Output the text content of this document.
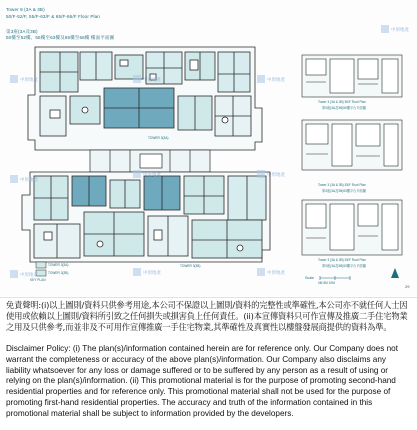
Tower 8 (3A & 3B)
50/F-52/F, 55/F-63/F & 65/F-66/F Floor Plan
第3座(3A及3B)
50樓至52樓、55樓至63樓及65樓至66樓 樓面平面圖
中原地產	中原地產	中原地產
中原地產
中原地產
中原地產	中原地產
中原地產	中原地產	中原地產
TOWER 3(3A)
TOWER 3(3B)
TOWER 3(3A)
TOWER 3(3B)
Tower 3 (3A & 3B) 50/F Roof Plan
第3座(3A及3B)50樓平台平面圖
Tower 3 (3A & 3B) 53/F Roof Plan
第3座(3A及3B)53樓平台平面圖
Tower 3 (3A & 3B) 53/F Roof Plan
第3座(3A及3B)53樓平台平面圖
Scale
0M 5M 10M
KEY PLAN
29
免責聲明:(i)以上圖則/資料只供參考用途,本公司不保證以上圖則/資料的完整性或準確性,本公司亦不就任何人士因使用或依賴以上圖則/資料所引致之任何損失或損害負上任何責任。(ii)本宣傳資料只可作宣傳及推廣二手住宅物業之用及只供參考,而並非及不可用作宣傳推廣一手住宅物業,其準確性及真實性以樓盤發展商提供的資料為準。
Disclaimer Policy: (i) The plan(s)/information contained herein are for reference only. Our Company does not warrant the completeness or accuracy of the above plan(s)/information. Our Company also disclaims any liability whatsoever for any loss or damage suffered or to be suffered by any person as a result of using or relying on the plan(s)/information. (ii) This promotional material is for the purpose of promoting second-hand residential properties and for reference only. This promotional material shall not be used for the purpose of promoting first-hand residential properties. The accuracy and truth of the information contained in this promotional material shall be subject to information provided by the developers.
